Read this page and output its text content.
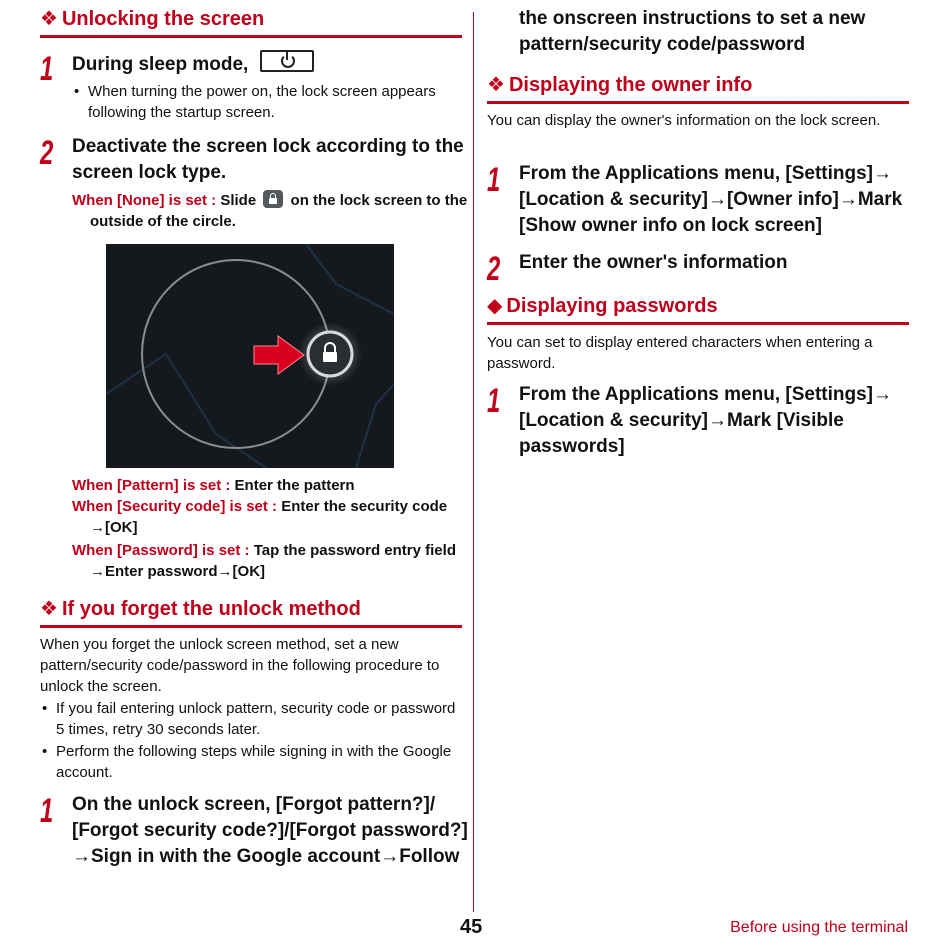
❖ Unlocking the screen
1 During sleep mode,
• When turning the power on, the lock screen appears following the startup screen.
2 Deactivate the screen lock according to the screen lock type.
When [None] is set : Slide on the lock screen to the outside of the circle.
When [Pattern] is set : Enter the pattern
When [Security code] is set : Enter the security code →[OK]
When [Password] is set : Tap the password entry field →Enter password→[OK]
❖ If you forget the unlock method
When you forget the unlock screen method, set a new pattern/security code/password in the following procedure to unlock the screen.
• If you fail entering unlock pattern, security code or password 5 times, retry 30 seconds later.
• Perform the following steps while signing in with the Google account.
1 On the unlock screen, [Forgot pattern?]/ [Forgot security code?]/[Forgot password?] →Sign in with the Google account→Follow
the onscreen instructions to set a new pattern/security code/password
❖ Displaying the owner info
You can display the owner's information on the lock screen.
1 From the Applications menu, [Settings]→ [Location & security]→[Owner info]→Mark [Show owner info on lock screen]
2 Enter the owner's information
◆ Displaying passwords
You can set to display entered characters when entering a password.
1 From the Applications menu, [Settings]→ [Location & security]→Mark [Visible passwords]
45	Before using the terminal
